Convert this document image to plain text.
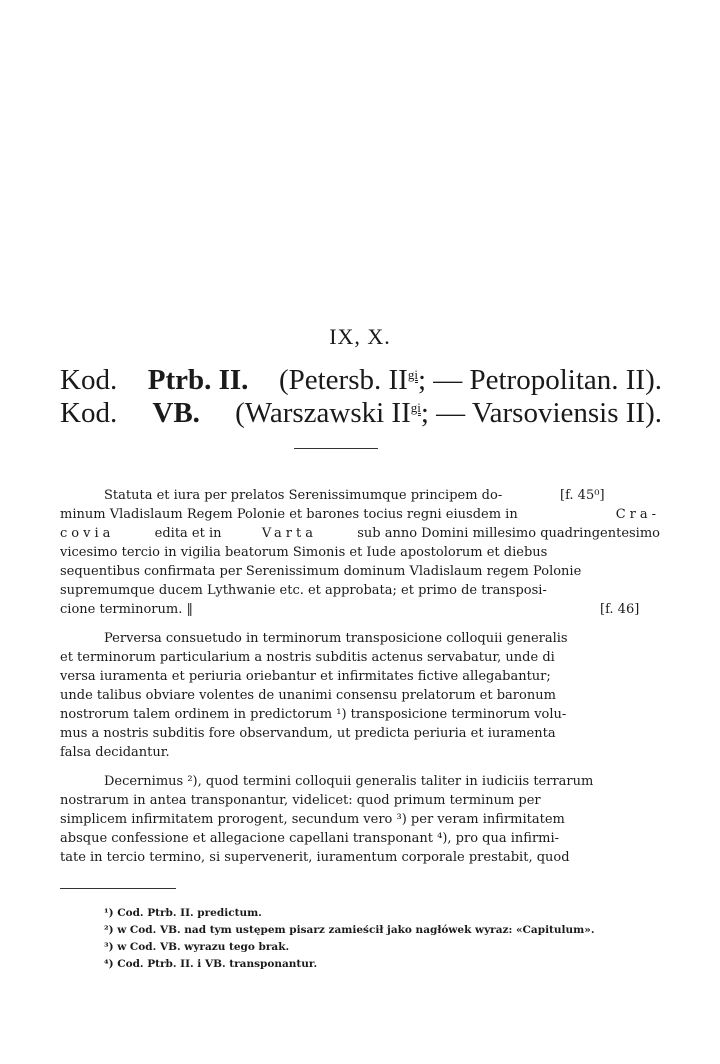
IX, X.
Kod. Ptrb. II. (Petersb. $II^{gi}$; — Petropolitan. II).
Kod. VB. (Warszawski $II^{gi}$; — Varsoviensis II).
Statuta et iura per prelatos Serenissimumque principem do-	[f. 45⁰]
minum Vladislaum Regem Polonie et barones tocius regni eiusdem in	Cra-
covia	edita et in	Varta	sub anno Domini millesimo quadringentesimo
vicesimo tercio in vigilia beatorum Simonis et Iude apostolorum et diebus
sequentibus confirmata per Serenissimum dominum Vladislaum regem Polonie
supremumque ducem Lythwanie etc. et approbata; et primo de transposi-
cione terminorum. ‖	[f. 46]
Perversa consuetudo in terminorum transposicione colloquii generalis
et terminorum particularium a nostris subditis actenus servabatur, unde di
versa iuramenta et periuria oriebantur et infirmitates fictive allegabantur;
unde talibus obviare volentes de unanimi consensu prelatorum et baronum
nostrorum talem ordinem in predictorum ¹) transposicione terminorum volu-
mus a nostris subditis fore observandum, ut predicta periuria et iuramenta
falsa decidantur.
Decernimus ²), quod termini colloquii generalis taliter in iudiciis terrarum
nostrarum in antea transponantur, videlicet: quod primum terminum per
simplicem infirmitatem prorogent, secundum vero ³) per veram infirmitatem
absque confessione et allegacione capellani transponant ⁴), pro qua infirmi-
tate in tercio termino, si supervenerit, iuramentum corporale prestabit, quod
¹) Cod. Ptrb. II. predictum.
²) w Cod. VB. nad tym ustępem pisarz zamieścił jako nagłówek wyraz: «Capitulum».
³) w Cod. VB. wyrazu tego brak.
⁴) Cod. Ptrb. II. i VB. transponantur.
